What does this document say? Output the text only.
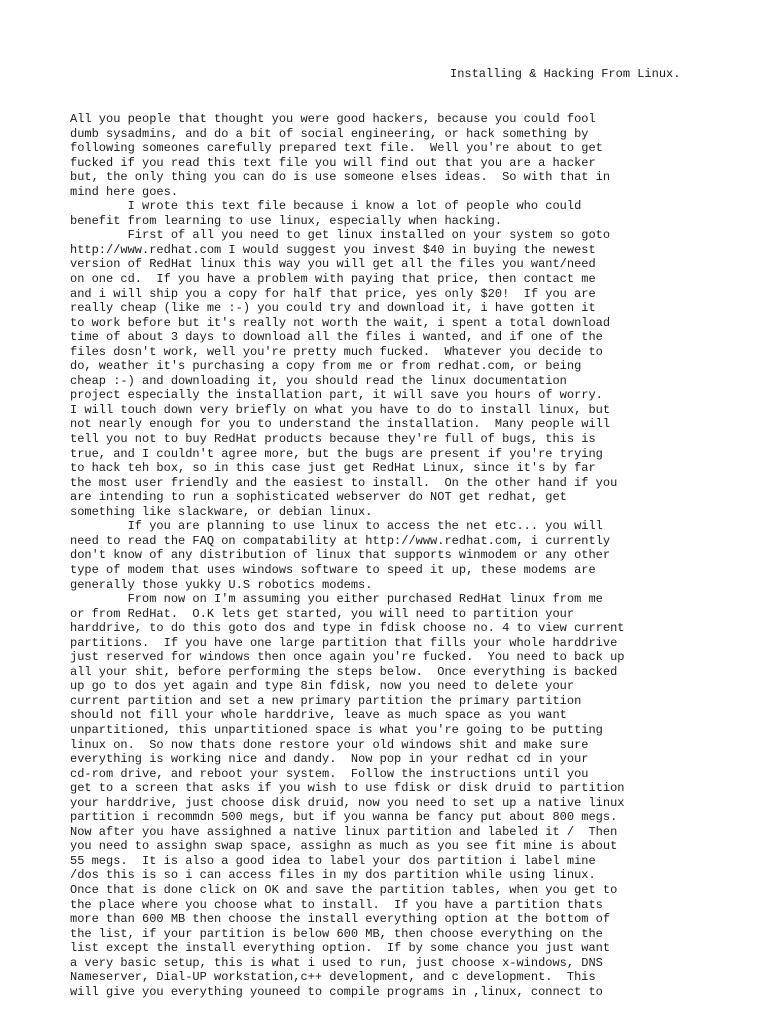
Installing & Hacking From Linux.
All you people that thought you were good hackers, because you could fool
dumb sysadmins, and do a bit of social engineering, or hack something by
following someones carefully prepared text file.  Well you're about to get
fucked if you read this text file you will find out that you are a hacker
but, the only thing you can do is use someone elses ideas.  So with that in
mind here goes.
I wrote this text file because i know a lot of people who could
benefit from learning to use linux, especially when hacking.
First of all you need to get linux installed on your system so goto
http://www.redhat.com I would suggest you invest $40 in buying the newest
version of RedHat linux this way you will get all the files you want/need
on one cd.  If you have a problem with paying that price, then contact me
and i will ship you a copy for half that price, yes only $20!  If you are
really cheap (like me :-) you could try and download it, i have gotten it
to work before but it's really not worth the wait, i spent a total download
time of about 3 days to download all the files i wanted, and if one of the
files dosn't work, well you're pretty much fucked.  Whatever you decide to
do, weather it's purchasing a copy from me or from redhat.com, or being
cheap :-) and downloading it, you should read the linux documentation
project especially the installation part, it will save you hours of worry.
I will touch down very briefly on what you have to do to install linux, but
not nearly enough for you to understand the installation.  Many people will
tell you not to buy RedHat products because they're full of bugs, this is
true, and I couldn't agree more, but the bugs are present if you're trying
to hack teh box, so in this case just get RedHat Linux, since it's by far
the most user friendly and the easiest to install.  On the other hand if you
are intending to run a sophisticated webserver do NOT get redhat, get
something like slackware, or debian linux.
If you are planning to use linux to access the net etc... you will
need to read the FAQ on compatability at http://www.redhat.com, i currently
don't know of any distribution of linux that supports winmodem or any other
type of modem that uses windows software to speed it up, these modems are
generally those yukky U.S robotics modems.
From now on I'm assuming you either purchased RedHat linux from me
or from RedHat.  O.K lets get started, you will need to partition your
harddrive, to do this goto dos and type in fdisk choose no. 4 to view current
partitions.  If you have one large partition that fills your whole harddrive
just reserved for windows then once again you're fucked.  You need to back up
all your shit, before performing the steps below.  Once everything is backed
up go to dos yet again and type 8in fdisk, now you need to delete your
current partition and set a new primary partition the primary partition
should not fill your whole harddrive, leave as much space as you want
unpartitioned, this unpartitioned space is what you're going to be putting
linux on.  So now thats done restore your old windows shit and make sure
everything is working nice and dandy.  Now pop in your redhat cd in your
cd-rom drive, and reboot your system.  Follow the instructions until you
get to a screen that asks if you wish to use fdisk or disk druid to partition
your harddrive, just choose disk druid, now you need to set up a native linux
partition i recommdn 500 megs, but if you wanna be fancy put about 800 megs.
Now after you have assighned a native linux partition and labeled it /  Then
you need to assighn swap space, assighn as much as you see fit mine is about
55 megs.  It is also a good idea to label your dos partition i label mine
/dos this is so i can access files in my dos partition while using linux.
Once that is done click on OK and save the partition tables, when you get to
the place where you choose what to install.  If you have a partition thats
more than 600 MB then choose the install everything option at the bottom of
the list, if your partition is below 600 MB, then choose everything on the
list except the install everything option.  If by some chance you just want
a very basic setup, this is what i used to run, just choose x-windows, DNS
Nameserver, Dial-UP workstation,c++ development, and c development.  This
will give you everything youneed to compile programs in ,linux, connect to
